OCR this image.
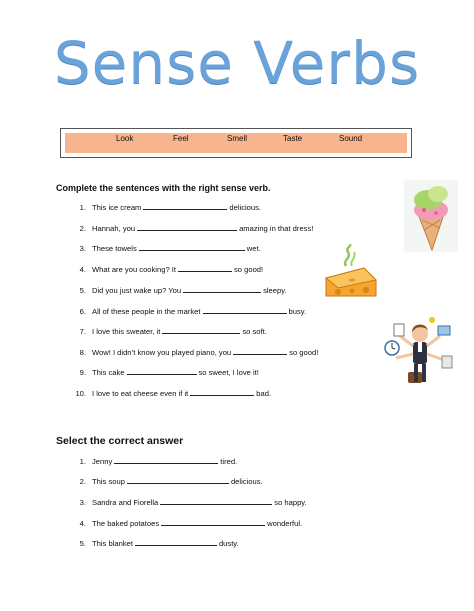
Sense Verbs
Look	Feel	Smell	Taste	Sound
Complete the sentences with the right sense verb.
1. This ice cream	delicious.
2. Hannah, you	amazing in that dress!
3. These towels	wet.
4. What are you cooking? It	so good!
5. Did you just wake up? You	sleepy.
6. All of these people in the market	busy.
7. I love this sweater, it	so soft.
8. Wow! I didn’t know you played piano, you	so good!
9. This cake	so sweet, I love it!
10. I love to eat cheese even if it	bad.
Select the correct answer
1. Jenny	tired.
2. This soup	delicious.
3. Sandra and Fiorella	so happy.
4. The baked potatoes	wonderful.
5. This blanket	dusty.
